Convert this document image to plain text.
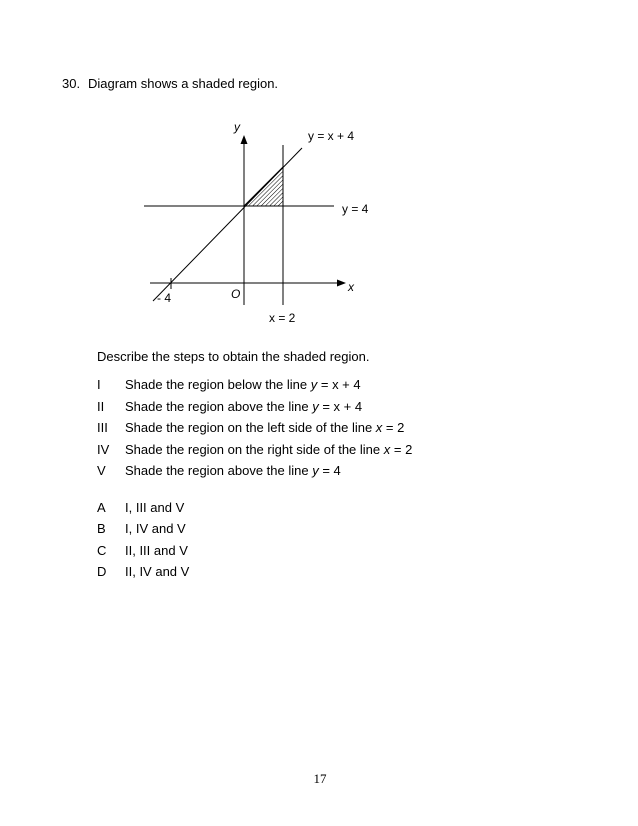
30. Diagram shows a shaded region.
y
x
O
- 4
y = x + 4
y = 4
x = 2
Describe the steps to obtain the shaded region.
I	Shade the region below the line y = x + 4
II	Shade the region above the line y = x + 4
III	Shade the region on the left side of the line x = 2
IV	Shade the region on the right side of the line x = 2
V	Shade the region above the line y = 4
A	I, III and V
B	I, IV and V
C	II, III and V
D	II, IV and V
17
